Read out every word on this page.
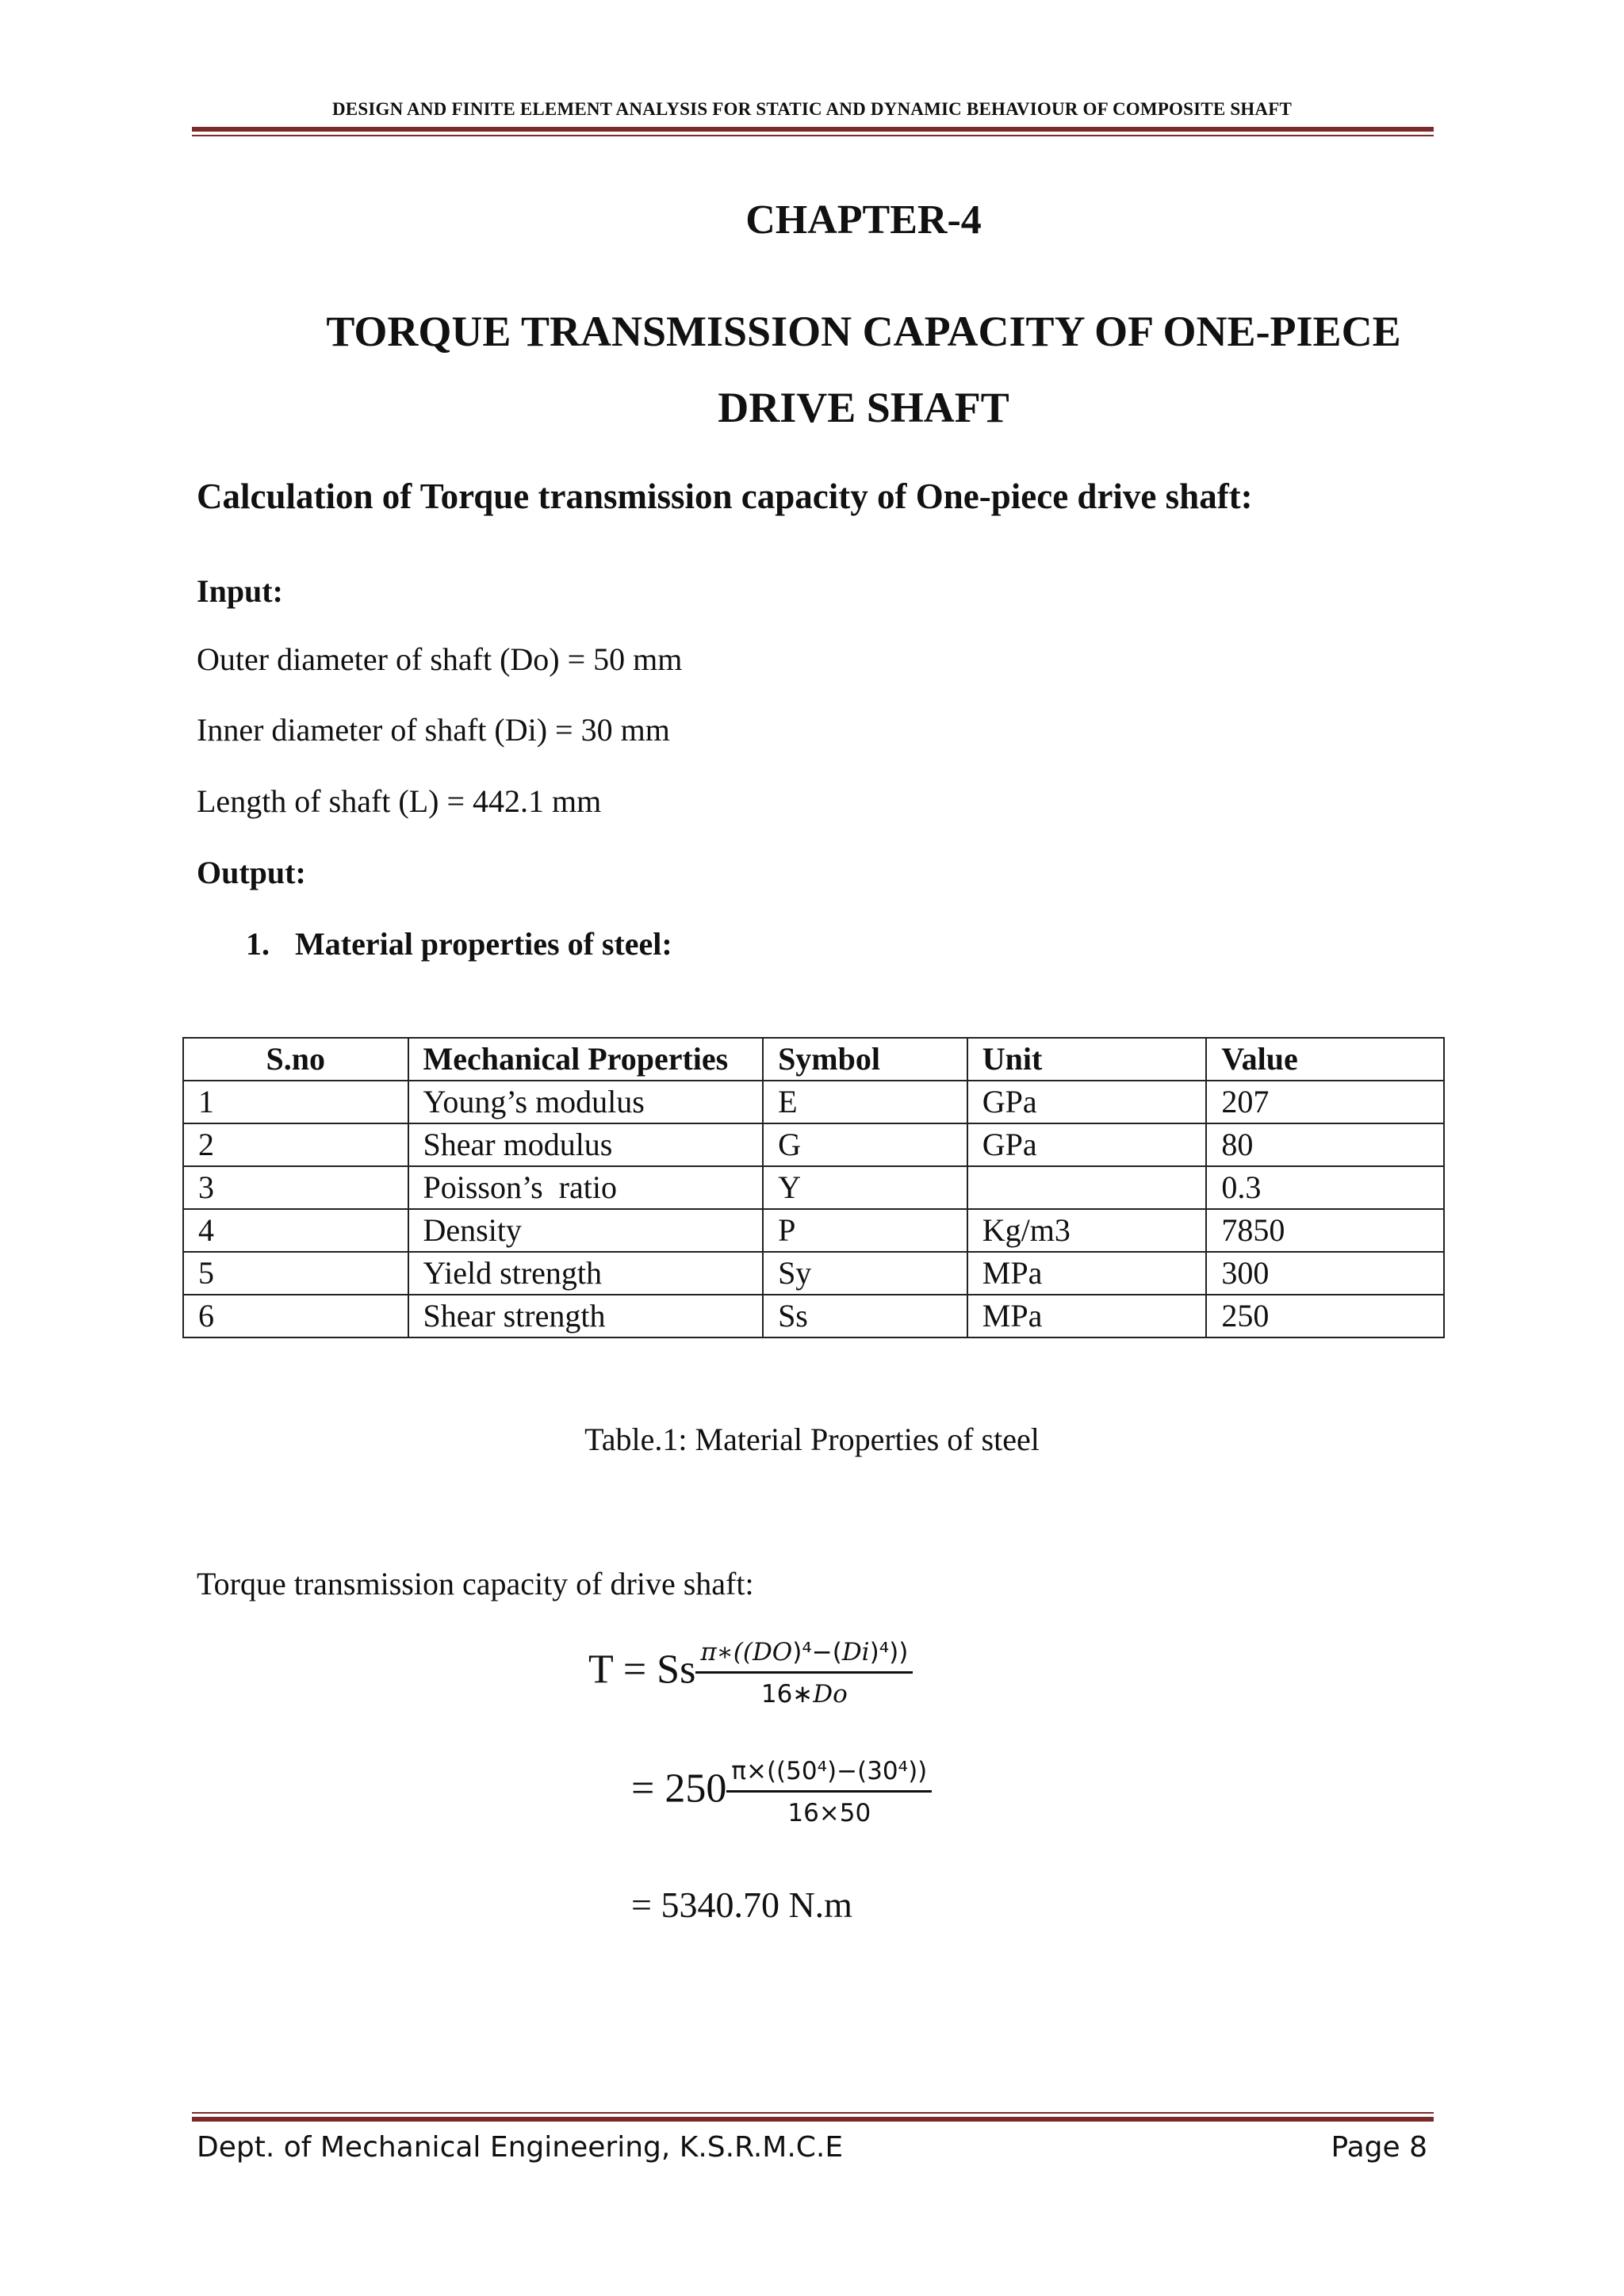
DESIGN AND FINITE ELEMENT ANALYSIS FOR STATIC AND DYNAMIC BEHAVIOUR OF COMPOSITE SHAFT
CHAPTER-4
TORQUE TRANSMISSION CAPACITY OF ONE-PIECE
DRIVE SHAFT
Calculation of Torque transmission capacity of One-piece drive shaft:
Input:
Outer diameter of shaft (Do) = 50 mm
Inner diameter of shaft (Di) = 30 mm
Length of shaft (L) = 442.1 mm
Output:
1. Material properties of steel:
S.no	Mechanical Properties	Symbol	Unit	Value
1	Young’s modulus	E	GPa	207
2	Shear modulus	G	GPa	80
3	Poisson’s  ratio	Y		0.3
4	Density	P	Kg/m3	7850
5	Yield strength	Sy	MPa	300
6	Shear strength	Ss	MPa	250
Table.1: Material Properties of steel
Torque transmission capacity of drive shaft:
T = Ss $\frac{\text{π∗((DO)⁴−(Di)⁴))}}{16∗Do}$
= $250 \frac{\text{π×((50⁴)−(30⁴))}}{16\times 50}$
= 5340.70 N.m
Dept. of Mechanical Engineering, K.S.R.M.C.E	Page 8
